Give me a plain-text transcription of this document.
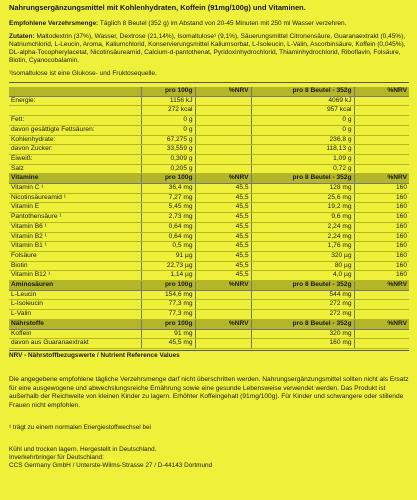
Nahrungsergänzungsmittel mit Kohlenhydraten, Koffein (91mg/100g) und Vitaminen.

Empfohlene Verzehrsmenge: Täglich 8 Beutel (352 g) im Abstand von 20-45 Minuten mit 250 ml Wasser verzehren.

Zutaten: Maltodextrin (37%), Wasser, Dextrose (21,14%), Isomaltulose¹ (9,1%), Säuerungsmittel Citronensäure, Guaranaextrakt (0,45%), Natriumchlorid, L-Leucin, Aroma, Kaliumchlorid, Konservierungsmittel Kaliumsorbat, L-Isoleucin, L-Valin, Ascorbinsäure, Koffein (0,045%), DL-alpha-Tocopherylacetat, Nicotinsäureamid, Calcium-d-pantothenat, Pyridoxinhydrochlorid, Thiaminhydrochlorid, Riboflavin, Folsäure, Biotin, Cyanocobalamin.

¹Isomaltulose ist eine Glukose- und Fruktosequelle.

	pro 100g	%NRV	pro 8 Beutel - 352g	%NRV
Energie:	1156 kJ		4069 kJ	
	272 kcal		957 kcal	
Fett:	0 g		0 g	
davon gesättigte Fettsäuren:	0 g		0 g	
Kohlenhydrate:	67,275 g		236,8 g	
davon Zucker:	33,559 g		118,13 g	
Eiweiß:	0,309 g		1,09 g	
Salz	0,205 g		0,72 g	
Vitamine	pro 100g	%NRV	pro 8 Beutel - 352g	%NRV
Vitamin C ¹	36,4 mg	45,5	128 mg	160
Nicotinsäureamid ¹	7,27 mg	45,5	25,6 mg	160
Vitamin E	5,45 mg	45,5	19,2 mg	160
Pantothensäure ¹	2,73 mg	45,5	9,6 mg	160
Vitamin B6 ¹	0,64 mg	45,5	2,24 mg	160
Vitamin B2 ¹	0,64 mg	45,5	2,24 mg	160
Vitamin B1 ¹	0,5 mg	45,5	1,76 mg	160
Folsäure	91 µg	45,5	320 µg	160
Biotin	22,73 µg	45,5	80 µg	160
Vitamin B12 ¹	1,14 µg	45,5	4,0 µg	160
Aminosäuren	pro 100g	%NRV	pro 8 Beutel - 352g	%NRV
L-Leucin	154,6 mg		544 mg	
L-Isoleucin	77,3 mg		272 mg	
L-Valin	77,3 mg		272 mg	
Nährstoffe	pro 100g	%NRV	pro 8 Beutel - 352g	%NRV
Koffein	91 mg		320 mg	
davon aus Guaranaextrakt	45,5 mg		160 mg	
NRV - Nährstoffbezugswerte / Nutrient Reference Values

Die angegebene empfohlene tägliche Verzehrsmenge darf nicht überschritten werden. Nahrungsergänzungsmittel sollten nicht als Ersatz für eine ausgewogene und abwechslungsreiche Ernährung sowie eine gesunde Lebensweise verwendet werden. Das Produkt ist außerhalb der Reichweite von kleinen Kinder zu lagern. Erhöhter Koffeingehalt (91mg/100g). Für Kinder und schwangere oder stillende Frauen nicht empfohlen.

¹ trägt zu einem normalen Energiestoffwechsel bei

Kühl und trocken lagern. Hergestellt in Deutschland.
Inverkehrbringer für Deutschland:
CCS Germany GmbH / Unterste-Wilms-Strasse 27 / D-44143 Dortmund
